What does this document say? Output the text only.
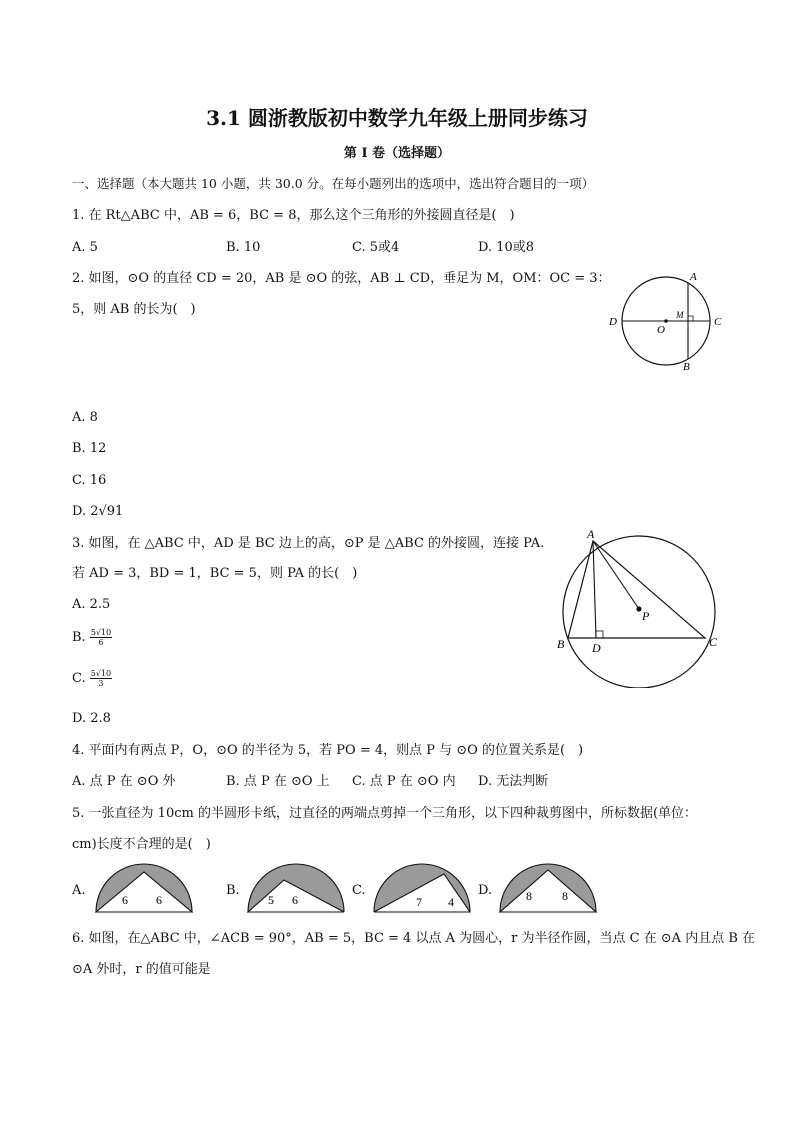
3.1 圆浙教版初中数学九年级上册同步练习
第 I 卷（选择题）
一、选择题（本大题共 10 小题，共 30.0 分。在每小题列出的选项中，选出符合题目的一项）
1. 在 Rt△ABC 中，AB = 6，BC = 8，那么这个三角形的外接圆直径是(　)
A. 5	B. 10	C. 5或4	D. 10或8
2. 如图，⊙O 的直径 CD = 20，AB 是 ⊙O 的弦，AB ⊥ CD，垂足为 M，OM：OC = 3：
5，则 AB 的长为(　)
A
B
C
D
O
M
A. 8
B. 12
C. 16
D. 2√91
3. 如图，在 △ABC 中，AD 是 BC 边上的高，⊙P 是 △ABC 的外接圆，连接 PA.
若 AD = 3，BD = 1，BC = 5，则 PA 的长(　)
A
B	C
D
P
A. 2.5
B. $\frac{5√10}{6}$
C. $\frac{5√10}{3}$
D. 2.8
4. 平面内有两点 P，O，⊙O 的半径为 5，若 PO = 4，则点 P 与 ⊙O 的位置关系是(　)
A. 点 P 在 ⊙O 外	B. 点 P 在 ⊙O 上 C. 点 P 在 ⊙O 内 D. 无法判断
5. 一张直径为 10cm 的半圆形卡纸，过直径的两端点剪掉一个三角形，以下四种裁剪图中，所标数据(单位：
cm)长度不合理的是(　)
A.
6 6
B.
5 6
C.
7 4
D.	8	8
6. 如图，在△ABC 中，∠ACB = 90°，AB = 5，BC = 4 以点 A 为圆心，r 为半径作圆，当点 C 在 ⊙A 内且点 B 在
⊙A 外时，r 的值可能是
